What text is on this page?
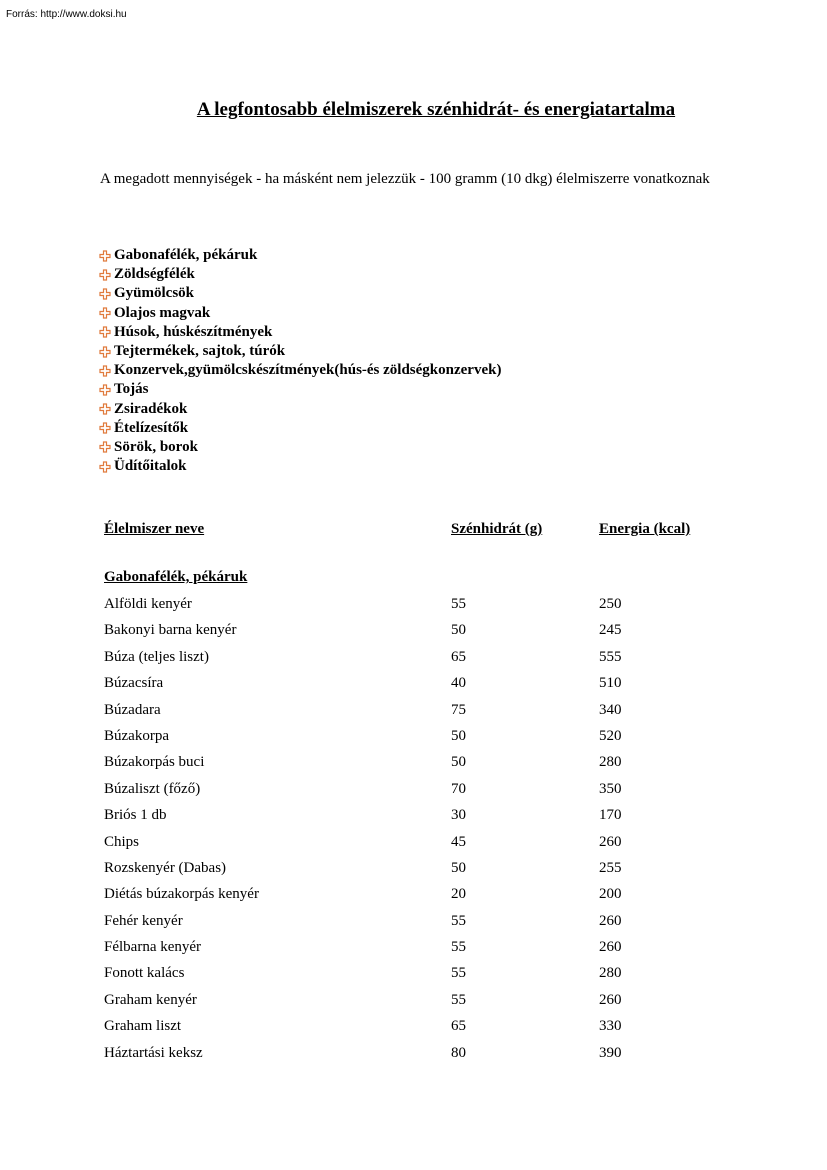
Forrás: http://www.doksi.hu
A legfontosabb élelmiszerek szénhidrát- és energiatartalma
A megadott mennyiségek - ha másként nem jelezzük - 100 gramm (10 dkg) élelmiszerre vonatkoznak
Gabonafélék, pékáruk
Zöldségfélék
Gyümölcsök
Olajos magvak
Húsok, húskészítmények
Tejtermékek, sajtok, túrók
Konzervek,gyümölcskészítmények(hús-és zöldségkonzervek)
Tojás
Zsiradékok
Ételízesítők
Sörök, borok
Üdítőitalok
Élelmiszer neve	Szénhidrát (g)	Energia (kcal)
Gabonafélék, pékáruk
Alföldi kenyér	55	250
Bakonyi barna kenyér	50	245
Búza (teljes liszt)	65	555
Búzacsíra	40	510
Búzadara	75	340
Búzakorpa	50	520
Búzakorpás buci	50	280
Búzaliszt (főző)	70	350
Briós 1 db	30	170
Chips	45	260
Rozskenyér (Dabas)	50	255
Diétás búzakorpás kenyér	20	200
Fehér kenyér	55	260
Félbarna kenyér	55	260
Fonott kalács	55	280
Graham kenyér	55	260
Graham liszt	65	330
Háztartási keksz	80	390
